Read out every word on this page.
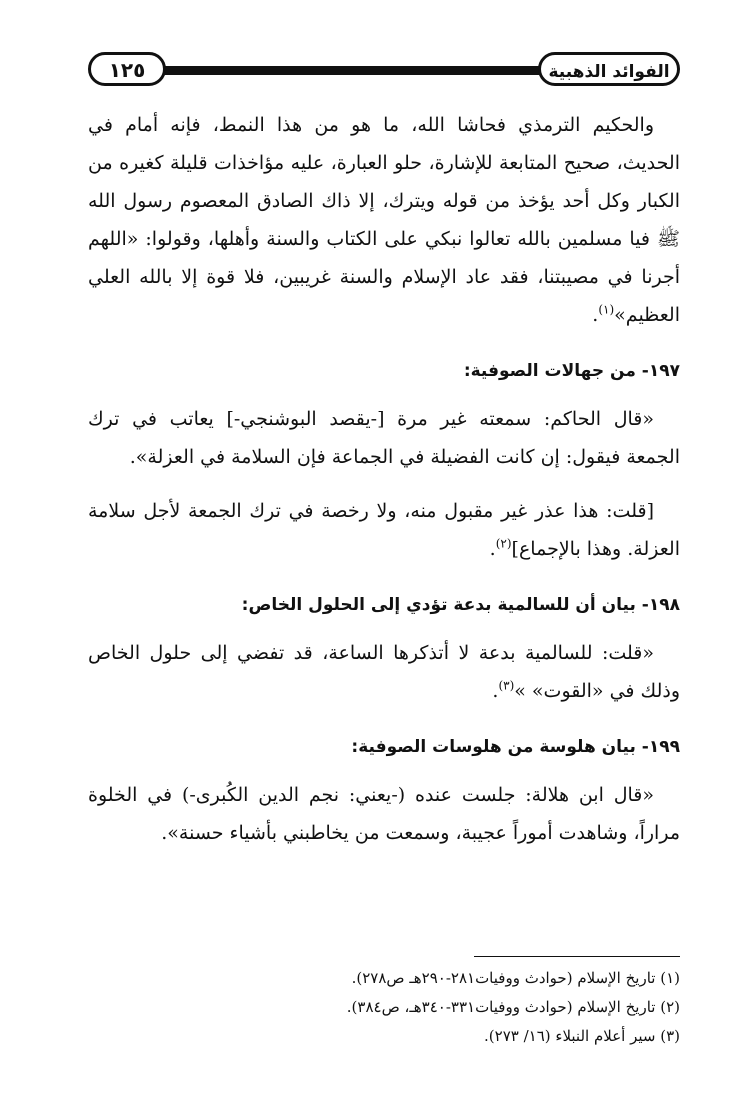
الفوائد الذهبية
١٢٥

والحكيم الترمذي فحاشا الله، ما هو من هذا النمط، فإنه أمام في الحديث، صحيح المتابعة للإشارة، حلو العبارة، عليه مؤاخذات قليلة كغيره من الكبار وكل أحد يؤخذ من قوله ويترك، إلا ذاك الصادق المعصوم رسول الله ﷺ فيا مسلمين بالله تعالوا نبكي على الكتاب والسنة وأهلها، وقولوا: «اللهم أجرنا في مصيبتنا، فقد عاد الإسلام والسنة غريبين، فلا قوة إلا بالله العلي العظيم»$^{(١)}$.

١٩٧- من جهالات الصوفية:

«قال الحاكم: سمعته غير مرة [-يقصد البوشنجي-] يعاتب في ترك الجمعة فيقول: إن كانت الفضيلة في الجماعة فإن السلامة في العزلة».

[قلت: هذا عذر غير مقبول منه، ولا رخصة في ترك الجمعة لأجل سلامة العزلة. وهذا بالإجماع]$^{(٢)}$.

١٩٨- بيان أن للسالمية بدعة تؤدي إلى الحلول الخاص:

«قلت: للسالمية بدعة لا أتذكرها الساعة، قد تفضي إلى حلول الخاص وذلك في «القوت» »$^{(٣)}$.

١٩٩- بيان هلوسة من هلوسات الصوفية:

«قال ابن هلالة: جلست عنده (-يعني: نجم الدين الكُبرى-) في الخلوة مراراً، وشاهدت أموراً عجيبة، وسمعت من يخاطبني بأشياء حسنة».

(١) تاريخ الإسلام (حوادث ووفيات٢٨١-٢٩٠هـ ص٢٧٨).

(٢) تاريخ الإسلام (حوادث ووفيات٣٣١-٣٤٠هـ، ص٣٨٤).

(٣) سير أعلام النبلاء (١٦/ ٢٧٣).
